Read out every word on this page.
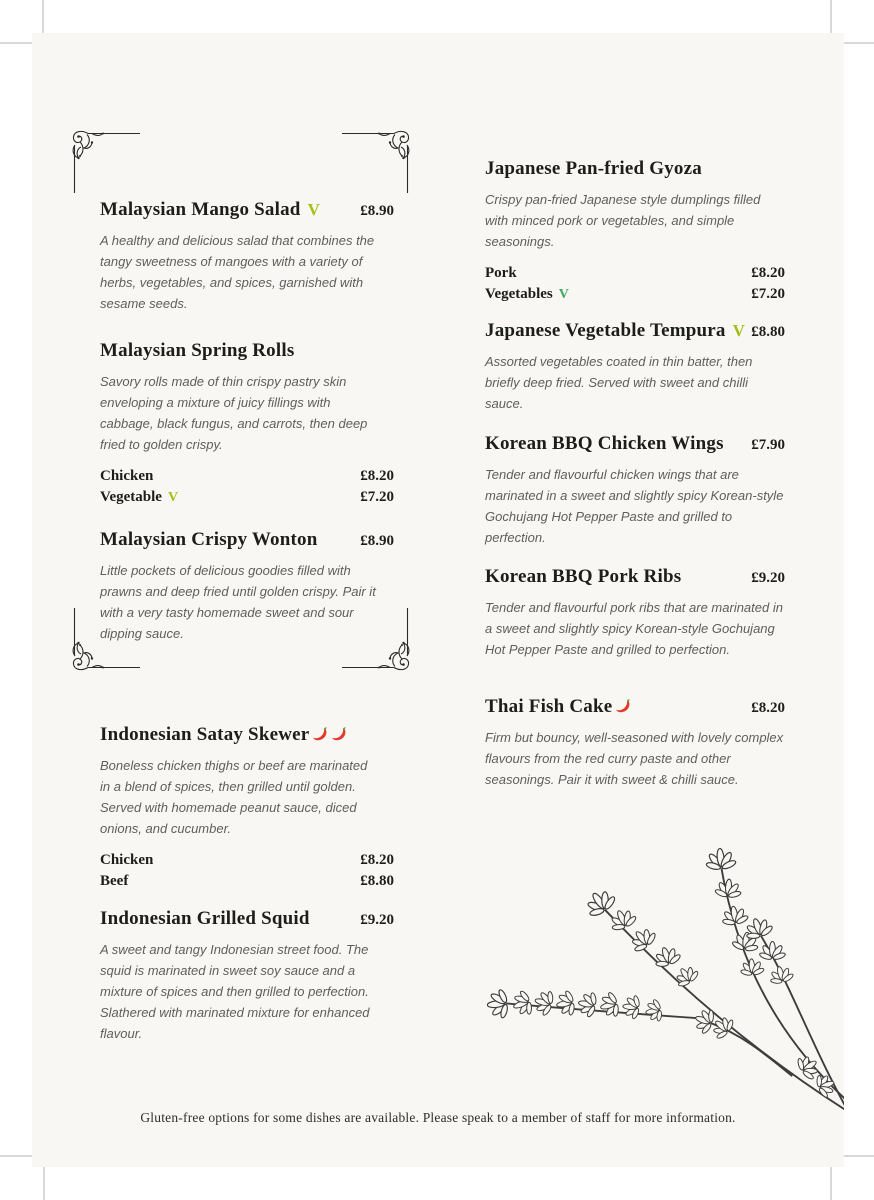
Malaysian Mango Salad V	£8.90
A healthy and delicious salad that combines the tangy sweetness of mangoes with a variety of herbs, vegetables, and spices, garnished with sesame seeds.
Malaysian Spring Rolls
Savory rolls made of thin crispy pastry skin enveloping a mixture of juicy fillings with cabbage, black fungus, and carrots, then deep fried to golden crispy.
Chicken	£8.20
Vegetable V	£7.20
Malaysian Crispy Wonton	£8.90
Little pockets of delicious goodies filled with prawns and deep fried until golden crispy. Pair it with a very tasty homemade sweet and sour dipping sauce.
Indonesian Satay Skewer
Boneless chicken thighs or beef are marinated in a blend of spices, then grilled until golden. Served with homemade peanut sauce, diced onions, and cucumber.
Chicken	£8.20
Beef	£8.80
Indonesian Grilled Squid	£9.20
A sweet and tangy Indonesian street food. The squid is marinated in sweet soy sauce and a mixture of spices and then grilled to perfection. Slathered with marinated mixture for enhanced flavour.
Japanese Pan-fried Gyoza
Crispy pan-fried Japanese style dumplings filled with minced pork or vegetables, and simple seasonings.
Pork	£8.20
Vegetables V	£7.20
Japanese Vegetable Tempura V £8.80
Assorted vegetables coated in thin batter, then briefly deep fried. Served with sweet and chilli sauce.
Korean BBQ Chicken Wings £7.90
Tender and flavourful chicken wings that are marinated in a sweet and slightly spicy Korean-style Gochujang Hot Pepper Paste and grilled to perfection.
Korean BBQ Pork Ribs	£9.20
Tender and flavourful pork ribs that are marinated in a sweet and slightly spicy Korean-style Gochujang Hot Pepper Paste and grilled to perfection.
Thai Fish Cake	£8.20
Firm but bouncy, well-seasoned with lovely complex flavours from the red curry paste and other seasonings. Pair it with sweet & chilli sauce.
Gluten-free options for some dishes are available. Please speak to a member of staff for more information.
